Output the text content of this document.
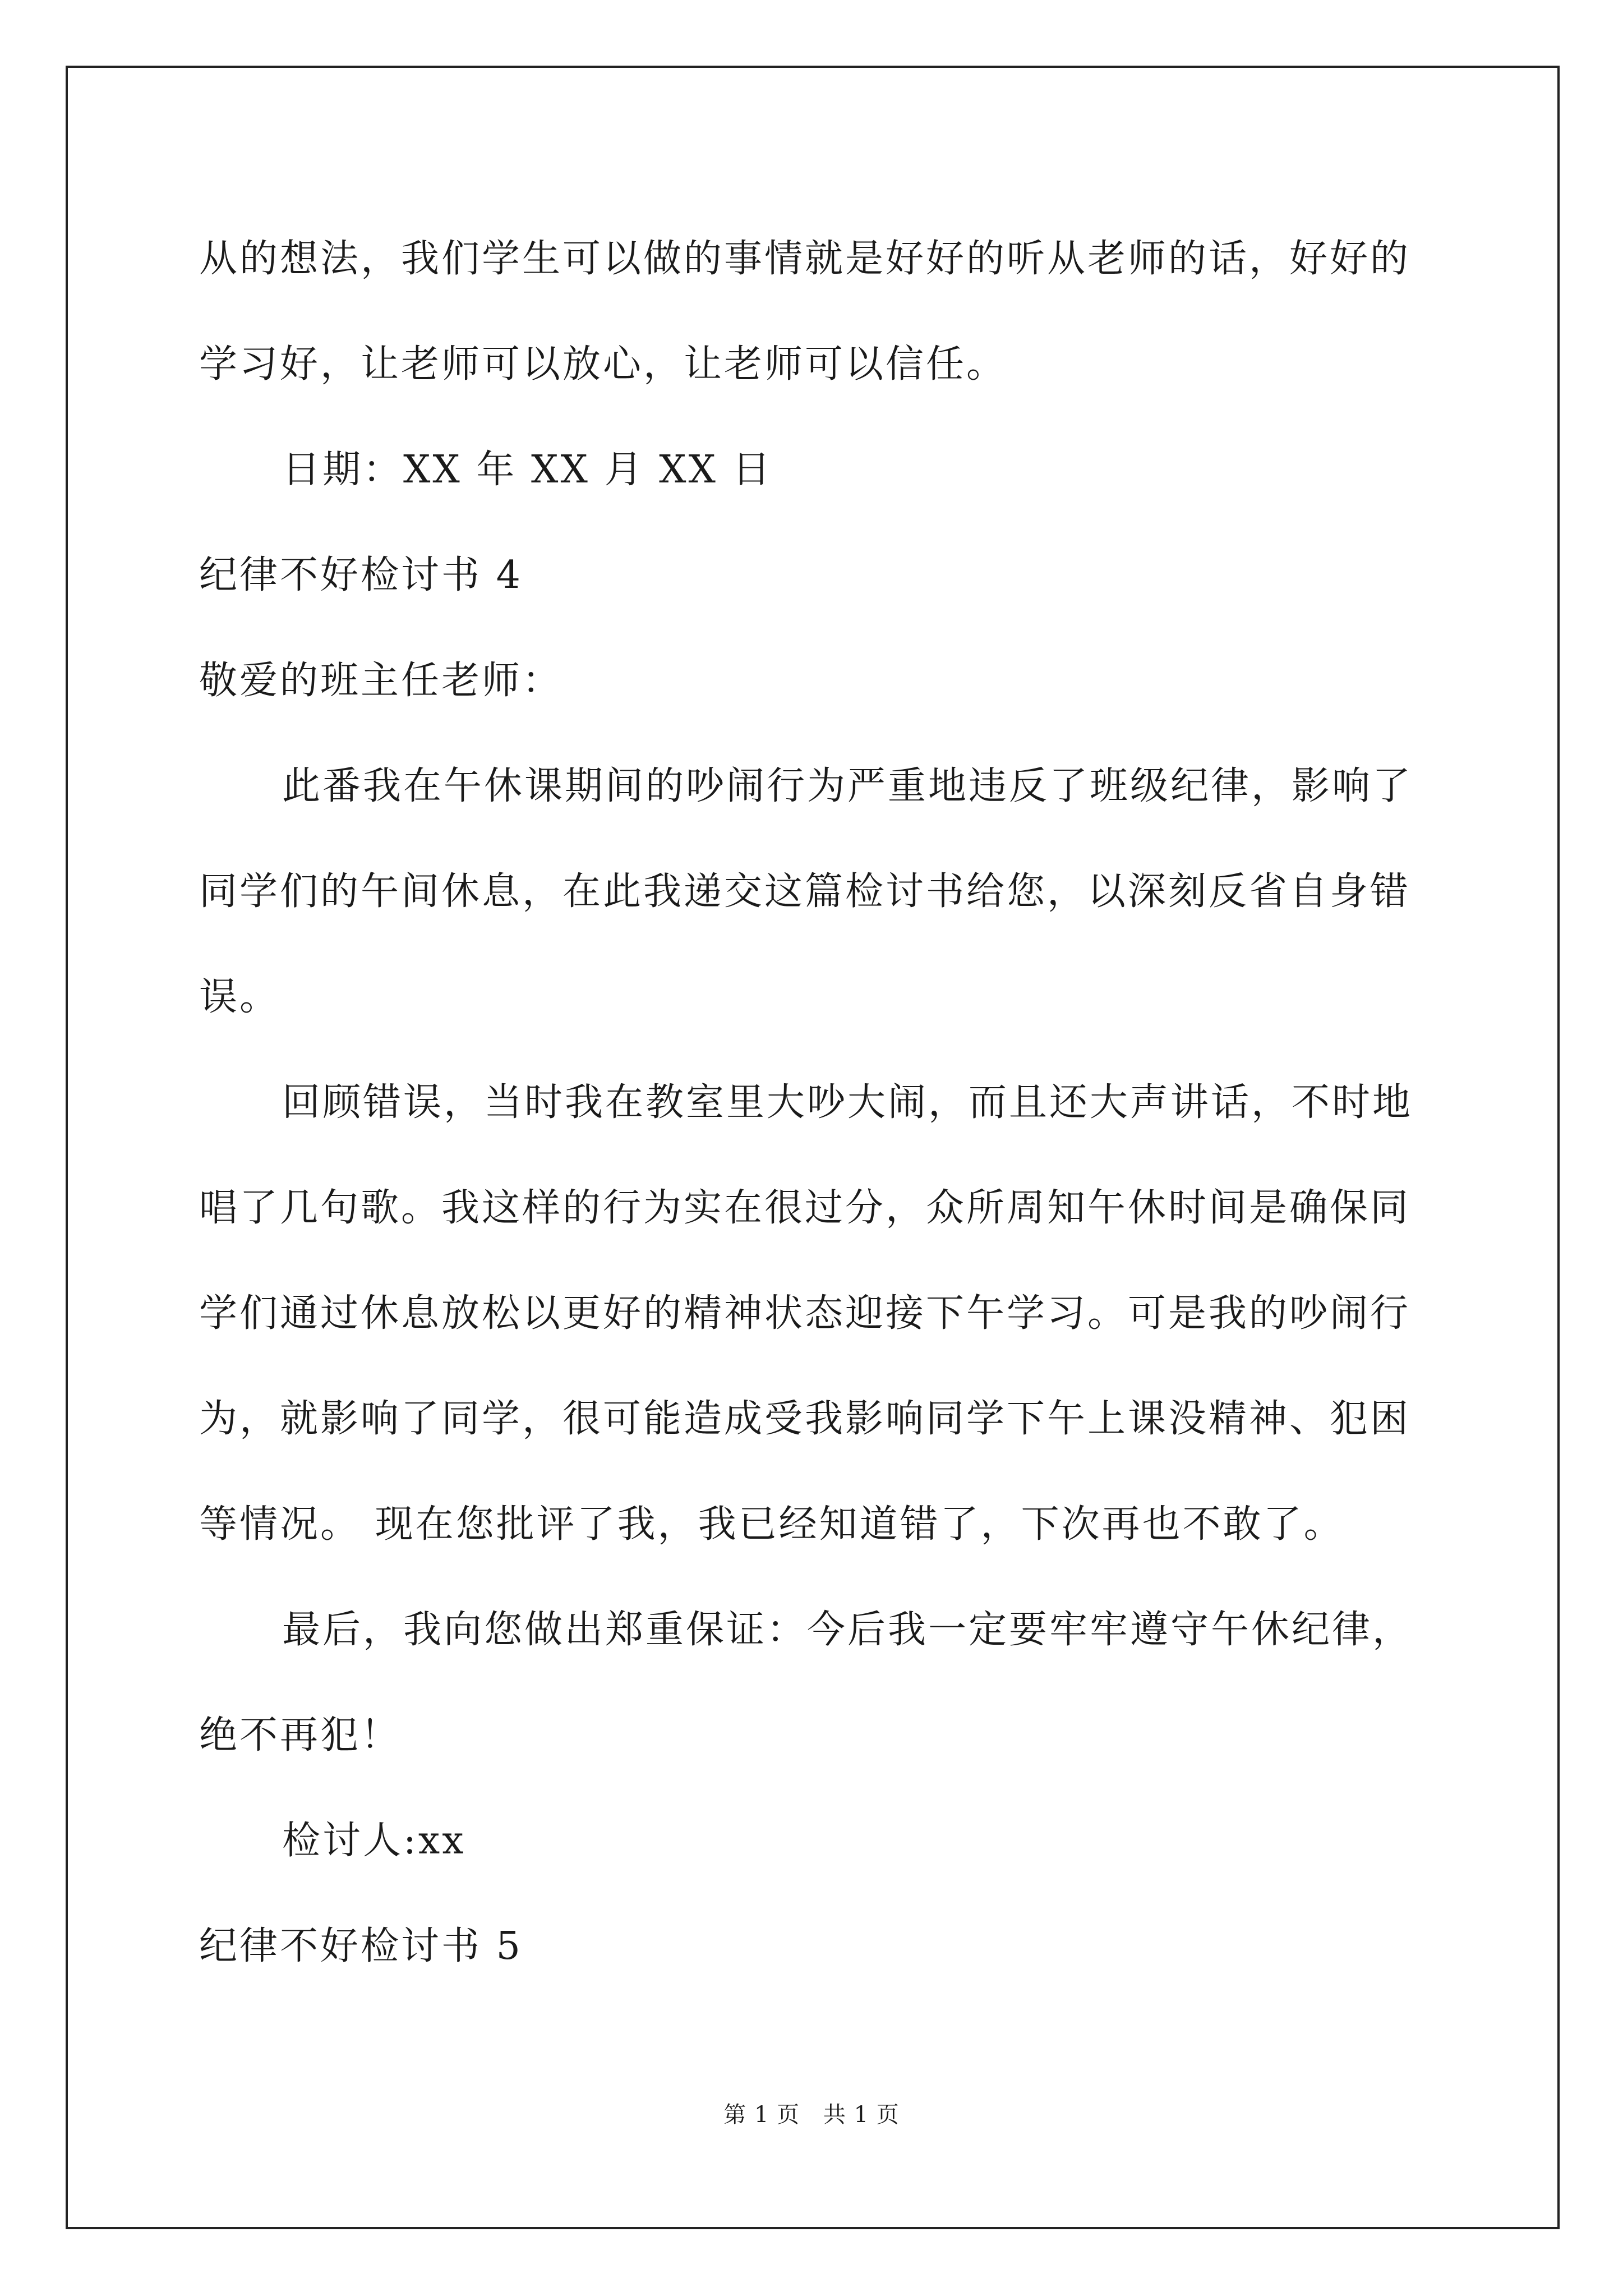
从的想法，我们学生可以做的事情就是好好的听从老师的话，好好的
学习好，让老师可以放心，让老师可以信任。
日期：XX 年 XX 月 XX 日
纪律不好检讨书 4
敬爱的班主任老师：
此番我在午休课期间的吵闹行为严重地违反了班级纪律，影响了
同学们的午间休息，在此我递交这篇检讨书给您，以深刻反省自身错
误。
回顾错误，当时我在教室里大吵大闹，而且还大声讲话，不时地
唱了几句歌。我这样的行为实在很过分，众所周知午休时间是确保同
学们通过休息放松以更好的精神状态迎接下午学习。可是我的吵闹行
为，就影响了同学，很可能造成受我影响同学下午上课没精神、犯困
等情况。 现在您批评了我，我已经知道错了，下次再也不敢了。
最后，我向您做出郑重保证：今后我一定要牢牢遵守午休纪律，
绝不再犯！
检讨人:xx
纪律不好检讨书 5
第 1 页 共 1 页
